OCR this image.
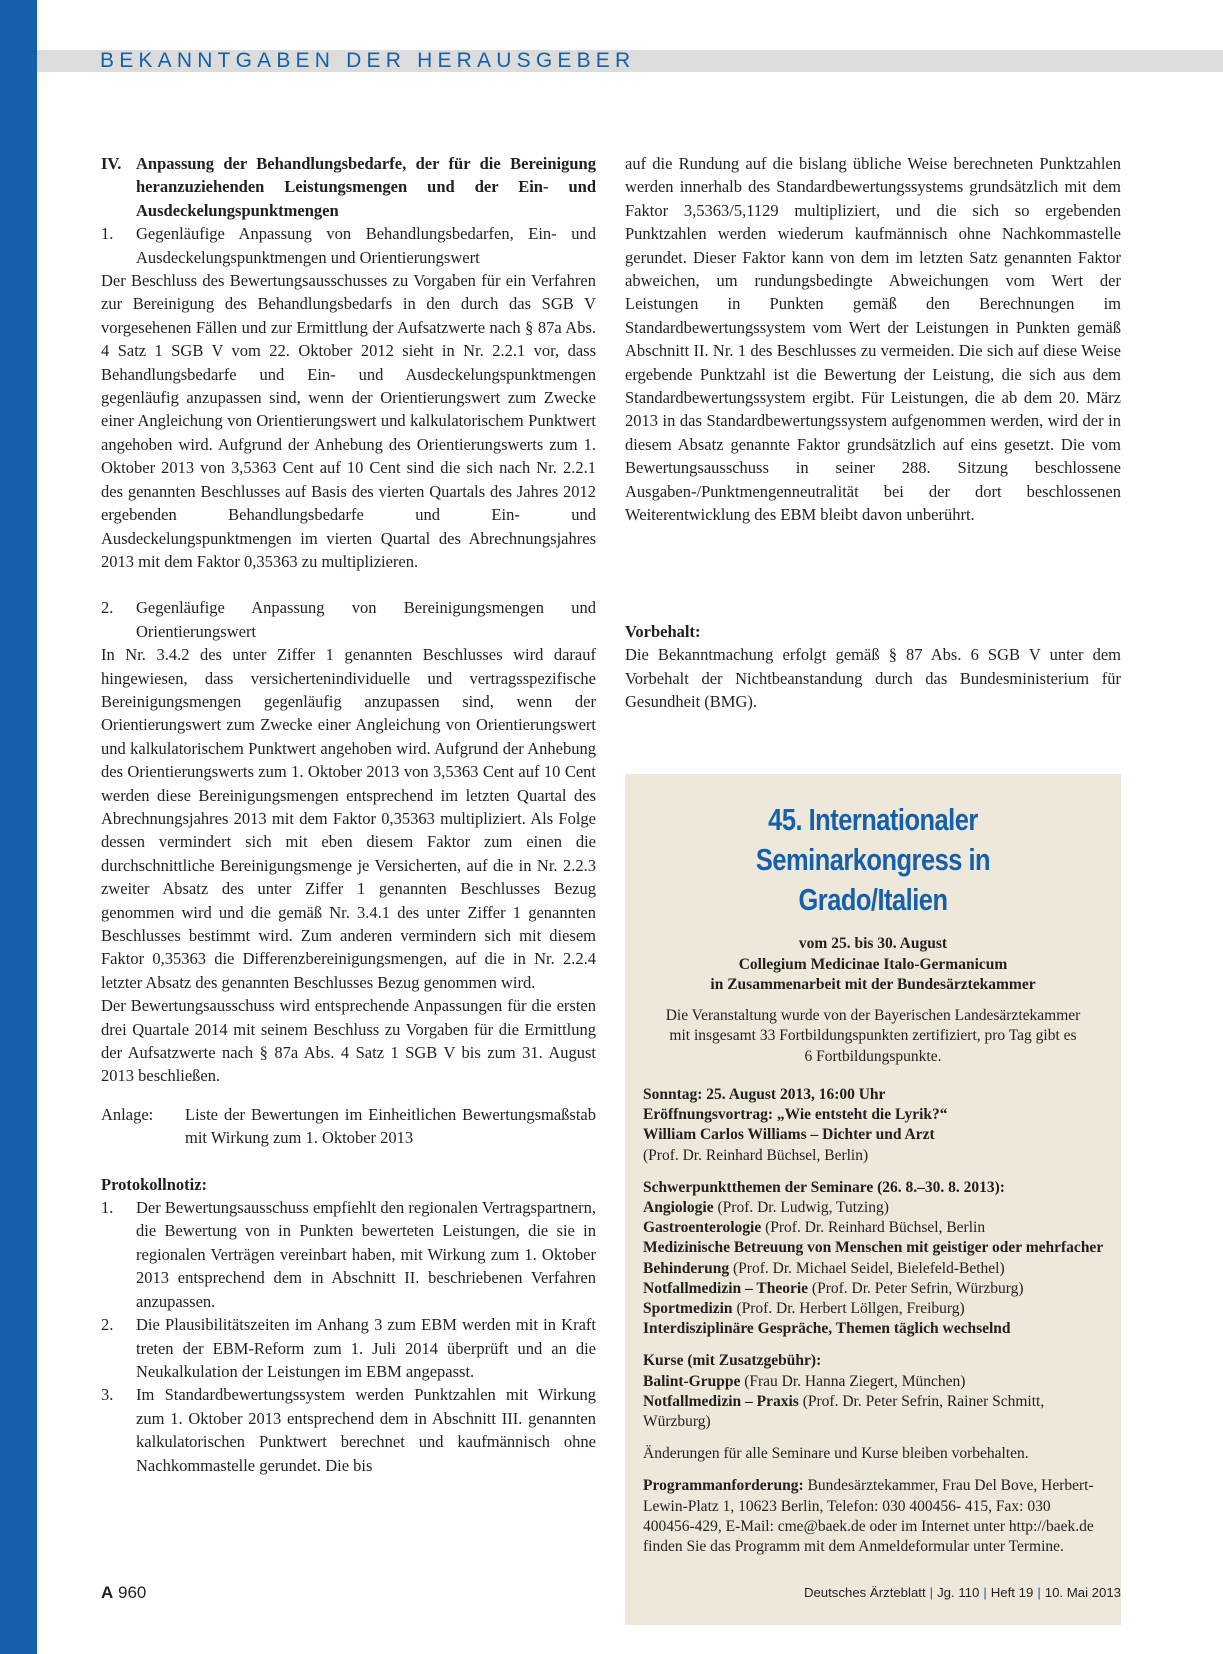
BEKANNTGABEN DER HERAUSGEBER
IV. Anpassung der Behandlungsbedarfe, der für die Bereinigung heranzuziehenden Leistungsmengen und der Ein- und Ausdeckelungspunktmengen
1.	Gegenläufige Anpassung von Behandlungsbedarfen, Ein- und Ausdeckelungspunktmengen und Orientierungswert

Der Beschluss des Bewertungsausschusses zu Vorgaben für ein Verfahren zur Bereinigung des Behandlungsbedarfs in den durch das SGB V vorgesehenen Fällen und zur Ermittlung der Aufsatzwerte nach § 87a Abs. 4 Satz 1 SGB V vom 22. Oktober 2012 sieht in Nr. 2.2.1 vor, dass Behandlungsbedarfe und Ein- und Ausdeckelungspunktmengen gegenläufig anzupassen sind, wenn der Orientierungswert zum Zwecke einer Angleichung von Orientierungswert und kalkulatorischem Punktwert angehoben wird. Aufgrund der Anhebung des Orientierungswerts zum 1. Oktober 2013 von 3,5363 Cent auf 10 Cent sind die sich nach Nr. 2.2.1 des genannten Beschlusses auf Basis des vierten Quartals des Jahres 2012 ergebenden Behandlungsbedarfe und Ein- und Ausdeckelungspunktmengen im vierten Quartal des Abrechnungsjahres 2013 mit dem Faktor 0,35363 zu multiplizieren.

2.	Gegenläufige Anpassung von Bereinigungsmengen und Orientierungswert

In Nr. 3.4.2 des unter Ziffer 1 genannten Beschlusses wird darauf hingewiesen, dass versichertenindividuelle und vertragsspezifische Bereinigungsmengen gegenläufig anzupassen sind, wenn der Orientierungswert zum Zwecke einer Angleichung von Orientierungswert und kalkulatorischem Punktwert angehoben wird. Aufgrund der Anhebung des Orientierungswerts zum 1. Oktober 2013 von 3,5363 Cent auf 10 Cent werden diese Bereinigungsmengen entsprechend im letzten Quartal des Abrechnungsjahres 2013 mit dem Faktor 0,35363 multipliziert. Als Folge dessen vermindert sich mit eben diesem Faktor zum einen die durchschnittliche Bereinigungsmenge je Versicherten, auf die in Nr. 2.2.3 zweiter Absatz des unter Ziffer 1 genannten Beschlusses Bezug genommen wird und die gemäß Nr. 3.4.1 des unter Ziffer 1 genannten Beschlusses bestimmt wird. Zum anderen vermindern sich mit diesem Faktor 0,35363 die Differenzbereinigungsmengen, auf die in Nr. 2.2.4 letzter Absatz des genannten Beschlusses Bezug genommen wird.

Der Bewertungsausschuss wird entsprechende Anpassungen für die ersten drei Quartale 2014 mit seinem Beschluss zu Vorgaben für die Ermittlung der Aufsatzwerte nach § 87a Abs. 4 Satz 1 SGB V bis zum 31. August 2013 beschließen.

Anlage:	Liste der Bewertungen im Einheitlichen Bewertungsmaßstab mit Wirkung zum 1. Oktober 2013

Protokollnotiz:

1.	Der Bewertungsausschuss empfiehlt den regionalen Vertragspartnern, die Bewertung von in Punkten bewerteten Leistungen, die sie in regionalen Verträgen vereinbart haben, mit Wirkung zum 1. Oktober 2013 entsprechend dem in Abschnitt II. beschriebenen Verfahren anzupassen.
2.	Die Plausibilitätszeiten im Anhang 3 zum EBM werden mit in Kraft treten der EBM-Reform zum 1. Juli 2014 überprüft und an die Neukalkulation der Leistungen im EBM angepasst.
3.	Im Standardbewertungssystem werden Punktzahlen mit Wirkung zum 1. Oktober 2013 entsprechend dem in Abschnitt III. genannten kalkulatorischen Punktwert berechnet und kaufmännisch ohne Nachkommastelle gerundet. Die bis

auf die Rundung auf die bislang übliche Weise berechneten Punktzahlen werden innerhalb des Standardbewertungssystems grundsätzlich mit dem Faktor 3,5363/5,1129 multipliziert, und die sich so ergebenden Punktzahlen werden wiederum kaufmännisch ohne Nachkommastelle gerundet. Dieser Faktor kann von dem im letzten Satz genannten Faktor abweichen, um rundungsbedingte Abweichungen vom Wert der Leistungen in Punkten gemäß den Berechnungen im Standardbewertungssystem vom Wert der Leistungen in Punkten gemäß Abschnitt II. Nr. 1 des Beschlusses zu vermeiden. Die sich auf diese Weise ergebende Punktzahl ist die Bewertung der Leistung, die sich aus dem Standardbewertungssystem ergibt. Für Leistungen, die ab dem 20. März 2013 in das Standardbewertungssystem aufgenommen werden, wird der in diesem Absatz genannte Faktor grundsätzlich auf eins gesetzt. Die vom Bewertungsausschuss in seiner 288. Sitzung beschlossene Ausgaben-/Punktmengenneutralität bei der dort beschlossenen Weiterentwicklung des EBM bleibt davon unberührt.

Vorbehalt:

Die Bekanntmachung erfolgt gemäß § 87 Abs. 6 SGB V unter dem Vorbehalt der Nichtbeanstandung durch das Bundesministerium für Gesundheit (BMG).

45. Internationaler
Seminarkongress in Grado/Italien
vom 25. bis 30. August
Collegium Medicinae Italo-Germanicum
in Zusammenarbeit mit der Bundesärztekammer
Die Veranstaltung wurde von der Bayerischen Landesärztekammer mit insgesamt 33 Fortbildungspunkten zertifiziert, pro Tag gibt es 6 Fortbildungspunkte.
Sonntag: 25. August 2013, 16:00 Uhr
Eröffnungsvortrag: „Wie entsteht die Lyrik?“
William Carlos Williams – Dichter und Arzt
(Prof. Dr. Reinhard Büchsel, Berlin)
Schwerpunktthemen der Seminare (26. 8.–30. 8. 2013):
Angiologie (Prof. Dr. Ludwig, Tutzing)
Gastroenterologie (Prof. Dr. Reinhard Büchsel, Berlin
Medizinische Betreuung von Menschen mit geistiger oder mehrfacher Behinderung (Prof. Dr. Michael Seidel, Bielefeld-Bethel)
Notfallmedizin – Theorie (Prof. Dr. Peter Sefrin, Würzburg)
Sportmedizin (Prof. Dr. Herbert Löllgen, Freiburg)
Interdisziplinäre Gespräche, Themen täglich wechselnd
Kurse (mit Zusatzgebühr):
Balint-Gruppe (Frau Dr. Hanna Ziegert, München)
Notfallmedizin – Praxis (Prof. Dr. Peter Sefrin, Rainer Schmitt, Würzburg)
Änderungen für alle Seminare und Kurse bleiben vorbehalten.
Programmanforderung: Bundesärztekammer, Frau Del Bove, Herbert-Lewin-Platz 1, 10623 Berlin, Telefon: 030 400456- 415, Fax: 030 400456-429, E-Mail: cme@baek.de oder im Internet unter http://baek.de finden Sie das Programm mit dem Anmeldeformular unter Termine.
A 960	Deutsches Ärzteblatt | Jg. 110 | Heft 19 | 10. Mai 2013
